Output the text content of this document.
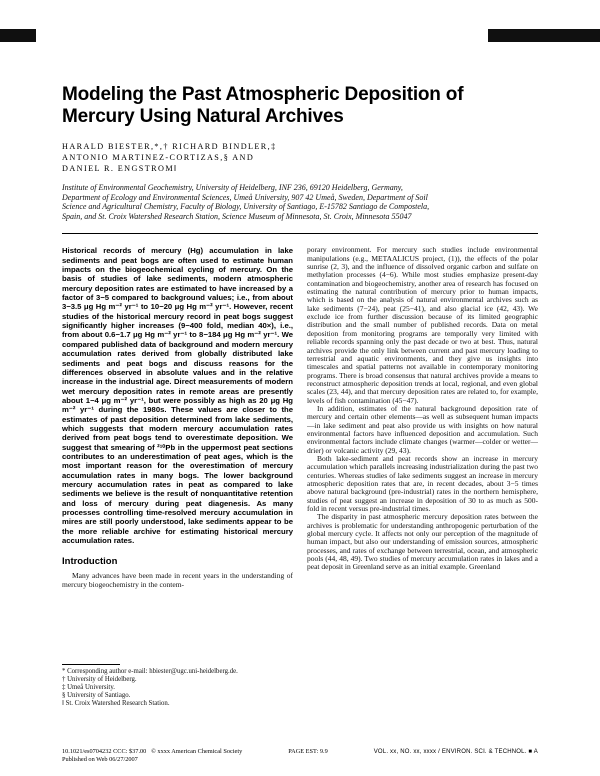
Modeling the Past Atmospheric Deposition of Mercury Using Natural Archives
HARALD BIESTER,*,† RICHARD BINDLER,‡
ANTONIO MARTINEZ-CORTIZAS,§ AND
DANIEL R. ENGSTROM‖
Institute of Environmental Geochemistry, University of Heidelberg, INF 236, 69120 Heidelberg, Germany, Department of Ecology and Environmental Sciences, Umeå University, 907 42 Umeå, Sweden, Department of Soil Science and Agricultural Chemistry, Faculty of Biology, University of Santiago, E-15782 Santiago de Compostela, Spain, and St. Croix Watershed Research Station, Science Museum of Minnesota, St. Croix, Minnesota 55047
Historical records of mercury (Hg) accumulation in lake sediments and peat bogs are often used to estimate human impacts on the biogeochemical cycling of mercury. On the basis of studies of lake sediments, modern atmospheric mercury deposition rates are estimated to have increased by a factor of 3−5 compared to background values; i.e., from about 3−3.5 μg Hg m⁻² yr⁻¹ to 10−20 μg Hg m⁻² yr⁻¹. However, recent studies of the historical mercury record in peat bogs suggest significantly higher increases (9−400 fold, median 40×), i.e., from about 0.6−1.7 μg Hg m⁻² yr⁻¹ to 8−184 μg Hg m⁻² yr⁻¹. We compared published data of background and modern mercury accumulation rates derived from globally distributed lake sediments and peat bogs and discuss reasons for the differences observed in absolute values and in the relative increase in the industrial age. Direct measurements of modern wet mercury deposition rates in remote areas are presently about 1−4 μg m⁻² yr⁻¹, but were possibly as high as 20 μg Hg m⁻² yr⁻¹ during the 1980s. These values are closer to the estimates of past deposition determined from lake sediments, which suggests that modern mercury accumulation rates derived from peat bogs tend to overestimate deposition. We suggest that smearing of ²¹⁰Pb in the uppermost peat sections contributes to an underestimation of peat ages, which is the most important reason for the overestimation of mercury accumulation rates in many bogs. The lower background mercury accumulation rates in peat as compared to lake sediments we believe is the result of nonquantitative retention and loss of mercury during peat diagenesis. As many processes controlling time-resolved mercury accumulation in mires are still poorly understood, lake sediments appear to be the more reliable archive for estimating historical mercury accumulation rates.
Introduction

Many advances have been made in recent years in the understanding of mercury biogeochemistry in the contem-

* Corresponding author e-mail: hbiester@ugc.uni-heidelberg.de.
† University of Heidelberg.
‡ Umeå University.
§ University of Santiago.
‖ St. Croix Watershed Research Station.

porary environment. For mercury such studies include environmental manipulations (e.g., METAALICUS project, (1)), the effects of the polar sunrise (2, 3), and the influence of dissolved organic carbon and sulfate on methylation processes (4−6). While most studies emphasize present-day contamination and biogeochemistry, another area of research has focused on estimating the natural contribution of mercury prior to human impacts, which is based on the analysis of natural environmental archives such as lake sediments (7−24), peat (25−41), and also glacial ice (42, 43). We exclude ice from further discussion because of its limited geographic distribution and the small number of published records. Data on metal deposition from monitoring programs are temporally very limited with reliable records spanning only the past decade or two at best. Thus, natural archives provide the only link between current and past mercury loading to terrestrial and aquatic environments, and they give us insights into timescales and spatial patterns not available in contemporary monitoring programs. There is broad consensus that natural archives provide a means to reconstruct atmospheric deposition trends at local, regional, and even global scales (23, 44), and that mercury deposition rates are related to, for example, levels of fish contamination (45−47).

In addition, estimates of the natural background deposition rate of mercury and certain other elements—as well as subsequent human impacts—in lake sediment and peat also provide us with insights on how natural environmental factors have influenced deposition and accumulation. Such environmental factors include climate changes (warmer—colder or wetter—drier) or volcanic activity (29, 43).

Both lake-sediment and peat records show an increase in mercury accumulation which parallels increasing industrialization during the past two centuries. Whereas studies of lake sediments suggest an increase in mercury atmospheric deposition rates that are, in recent decades, about 3−5 times above natural background (pre-industrial) rates in the northern hemisphere, studies of peat suggest an increase in deposition of 30 to as much as 500-fold in recent versus pre-industrial times.

The disparity in past atmospheric mercury deposition rates between the archives is problematic for understanding anthropogenic perturbation of the global mercury cycle. It affects not only our perception of the magnitude of human impact, but also our understanding of emission sources, atmospheric processes, and rates of exchange between terrestrial, ocean, and atmospheric pools (44, 48, 49). Two studies of mercury accumulation rates in lakes and a peat deposit in Greenland serve as an initial example. Greenland

10.1021/es0704232 CCC: $37.00 © xxxx American Chemical Society	PAGE EST: 9.9	VOL. xx, NO. xx, xxxx / ENVIRON. SCI. & TECHNOL. ■ A
Published on Web 06/27/2007
